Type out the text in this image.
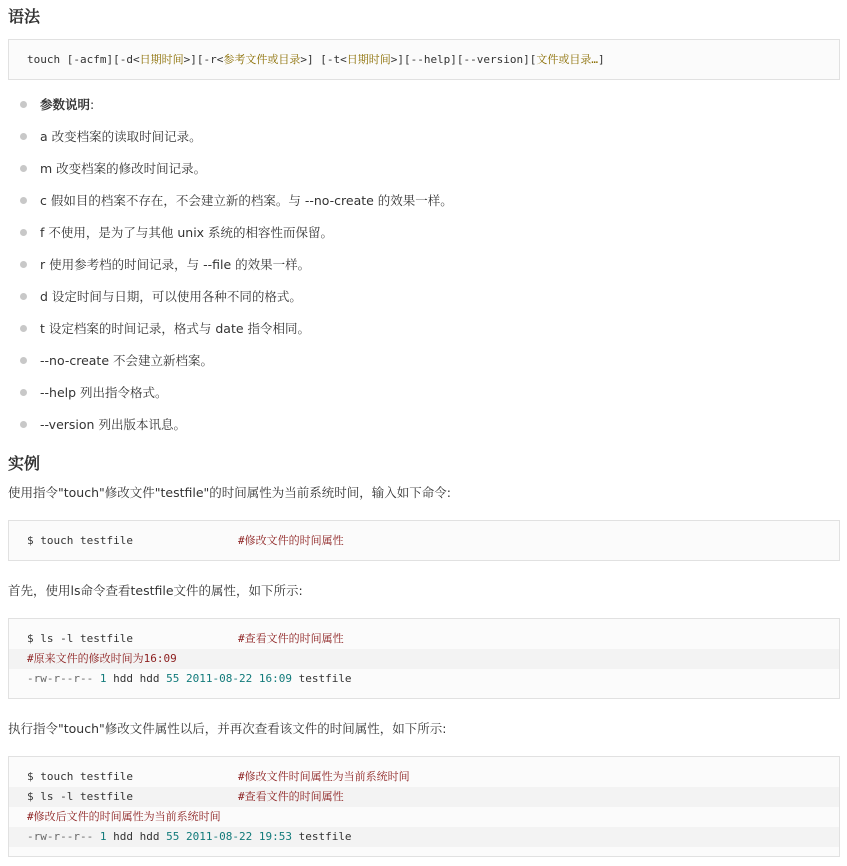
语法
touch [-acfm][-d<日期时间>][-r<参考文件或目录>] [-t<日期时间>][--help][--version][文件或目录…]
参数说明:
a 改变档案的读取时间记录。
m 改变档案的修改时间记录。
c 假如目的档案不存在，不会建立新的档案。与 --no-create 的效果一样。
f 不使用，是为了与其他 unix 系统的相容性而保留。
r 使用参考档的时间记录，与 --file 的效果一样。
d 设定时间与日期，可以使用各种不同的格式。
t 设定档案的时间记录，格式与 date 指令相同。
--no-create 不会建立新档案。
--help 列出指令格式。
--version 列出版本讯息。
实例
使用指令"touch"修改文件"testfile"的时间属性为当前系统时间，输入如下命令:
$ touch testfile	#修改文件的时间属性
首先，使用ls命令查看testfile文件的属性，如下所示:
$ ls -l testfile	#查看文件的时间属性
#原来文件的修改时间为16:09
-rw-r--r-- 1 hdd hdd 55 2011-08-22 16:09 testfile
执行指令"touch"修改文件属性以后，并再次查看该文件的时间属性，如下所示:
$ touch testfile	#修改文件时间属性为当前系统时间
$ ls -l testfile	#查看文件的时间属性
#修改后文件的时间属性为当前系统时间
-rw-r--r-- 1 hdd hdd 55 2011-08-22 19:53 testfile
